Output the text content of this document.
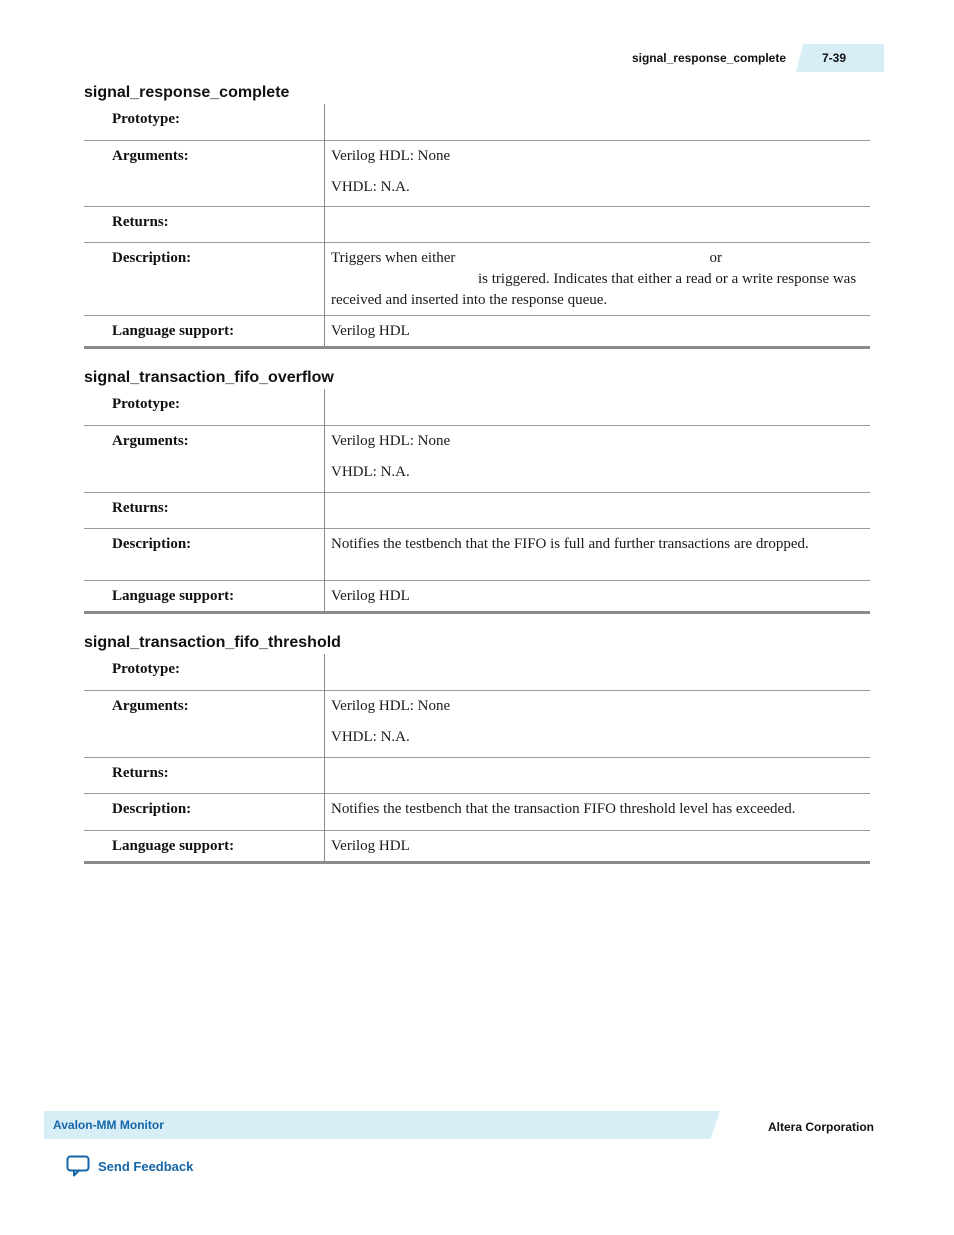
signal_response_complete	7-39
signal_response_complete
Prototype:	
Arguments:	Verilog HDL: None

VHDL: N.A.

Returns:	
Description:	Triggers when either or
is triggered. Indicates that either a read or a write response was received and inserted into the response queue.
Language support:	Verilog HDL
signal_transaction_fifo_overflow
Prototype:	
Arguments:	Verilog HDL: None

VHDL: N.A.

Returns:	
Description:	Notifies the testbench that the FIFO is full and further transactions are dropped.
Language support:	Verilog HDL
signal_transaction_fifo_threshold
Prototype:	
Arguments:	Verilog HDL: None

VHDL: N.A.

Returns:	
Description:	Notifies the testbench that the transaction FIFO threshold level has exceeded.
Language support:	Verilog HDL
Avalon-MM Monitor	Altera Corporation
Send Feedback
